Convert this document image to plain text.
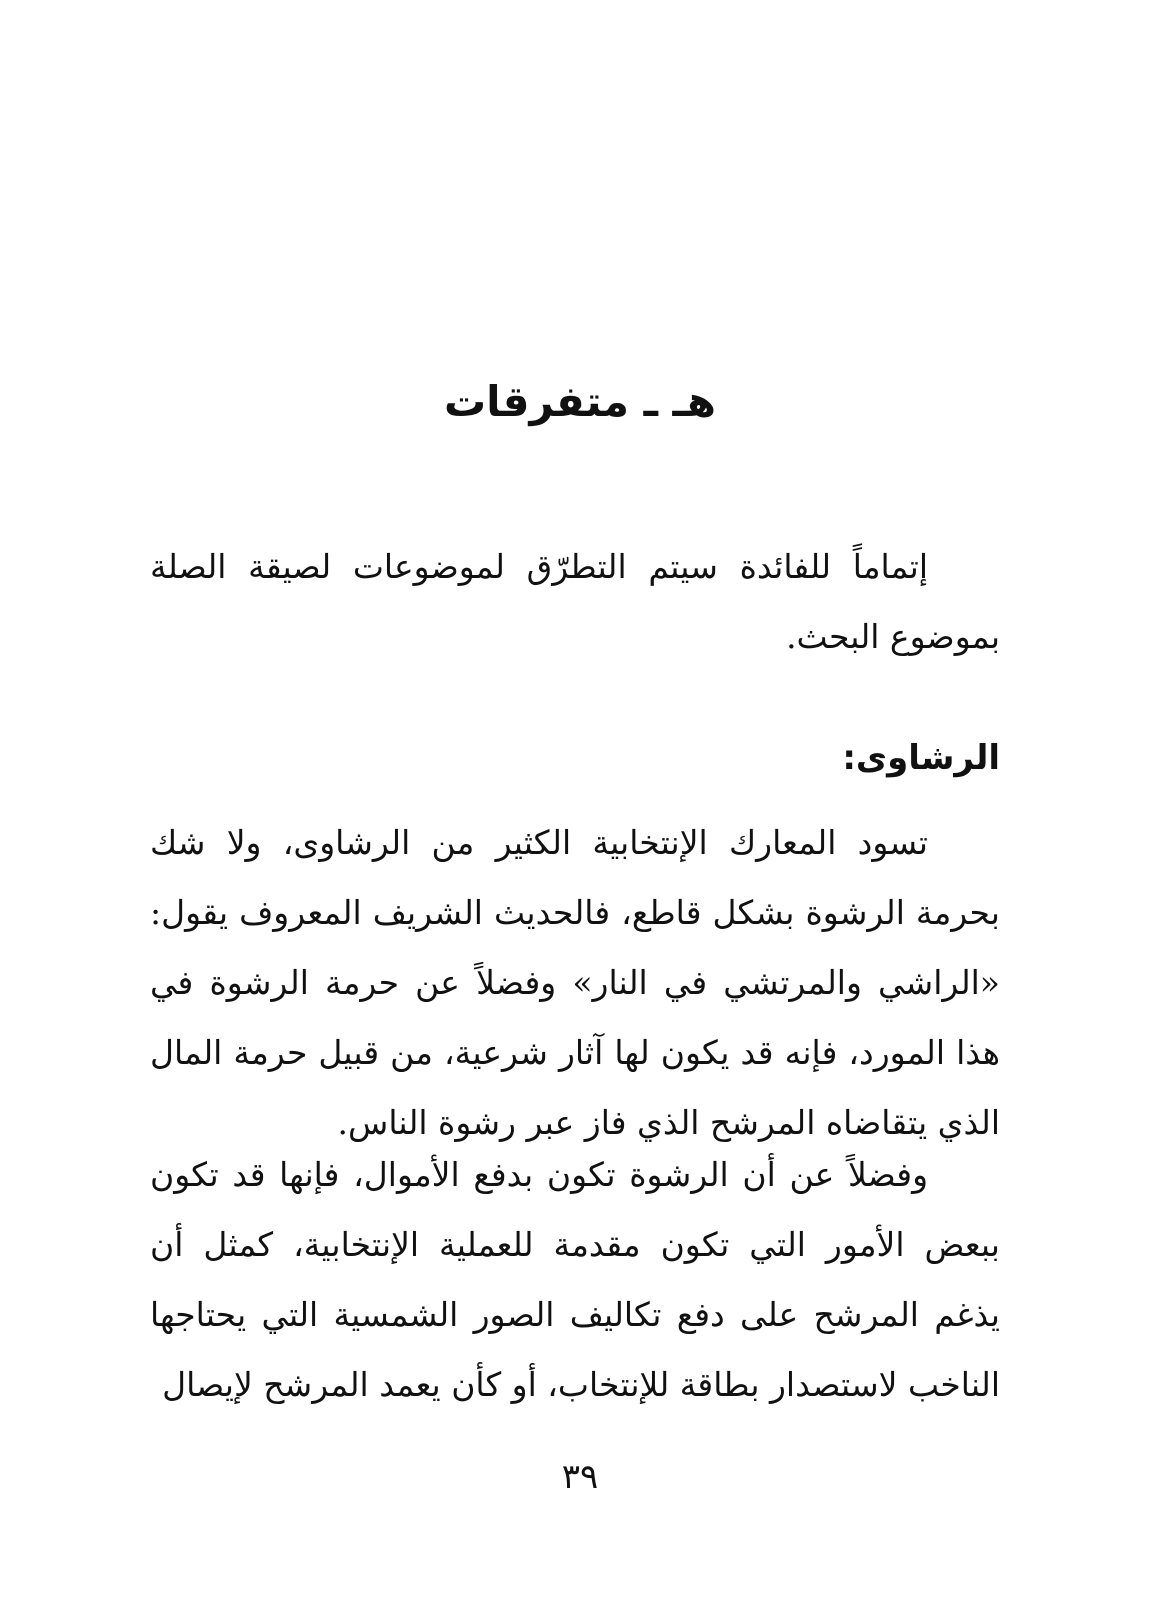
هـ ـ متفرقات

إتماماً للفائدة سيتم التطرّق لموضوعات لصيقة الصلة بموضوع البحث.

الرشاوى:

تسود المعارك الإنتخابية الكثير من الرشاوى، ولا شك بحرمة الرشوة بشكل قاطع، فالحديث الشريف المعروف يقول: «الراشي والمرتشي في النار» وفضلاً عن حرمة الرشوة في هذا المورد، فإنه قد يكون لها آثار شرعية، من قبيل حرمة المال الذي يتقاضاه المرشح الذي فاز عبر رشوة الناس.

وفضلاً عن أن الرشوة تكون بدفع الأموال، فإنها قد تكون ببعض الأمور التي تكون مقدمة للعملية الإنتخابية، كمثل أن يذغم المرشح على دفع تكاليف الصور الشمسية التي يحتاجها الناخب لاستصدار بطاقة للإنتخاب، أو كأن يعمد المرشح لإيصال

٣٩
